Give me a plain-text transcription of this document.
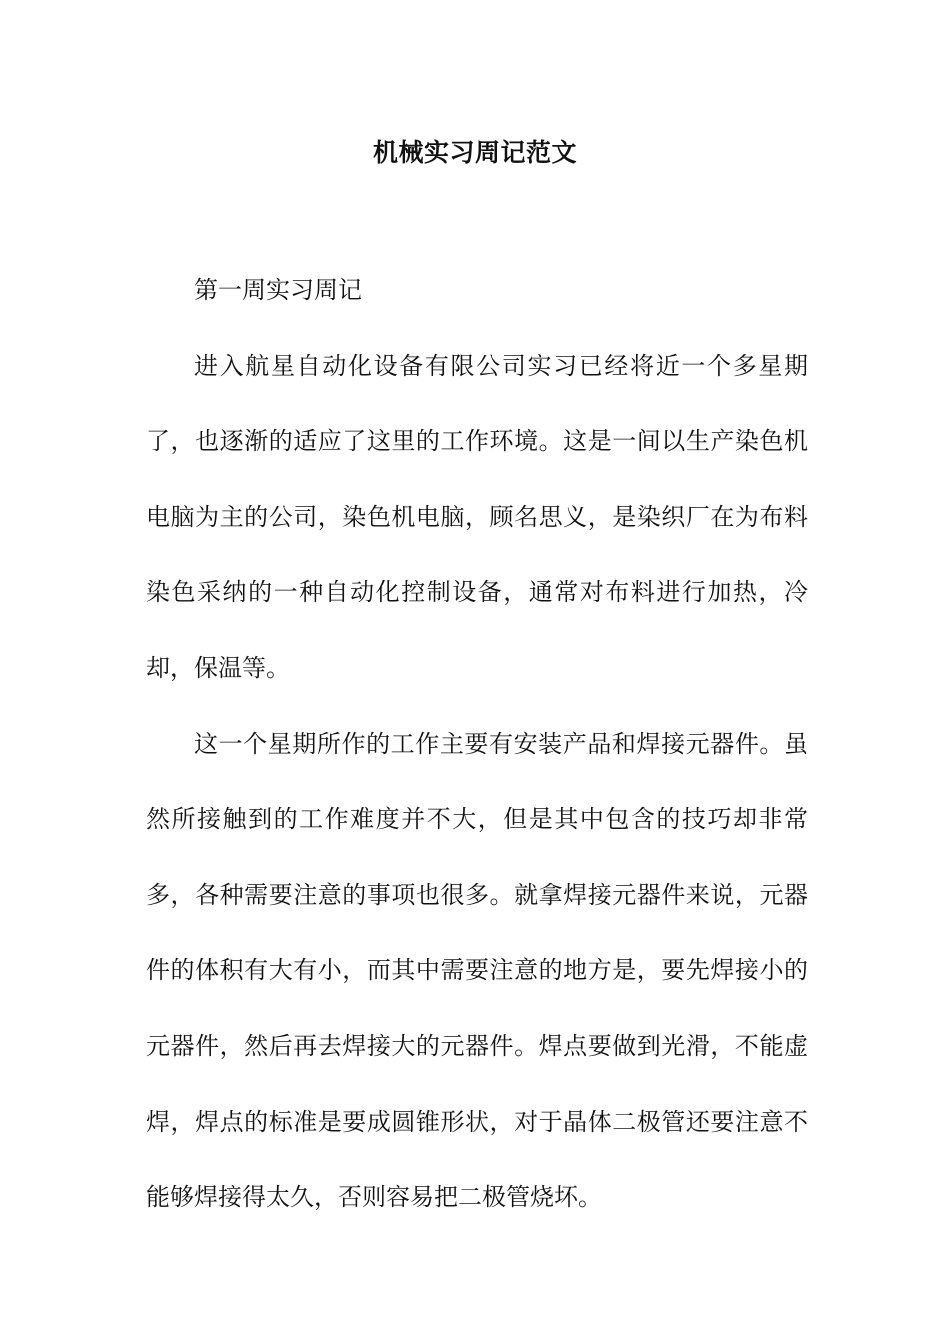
机械实习周记范文

第一周实习周记

进入航星自动化设备有限公司实习已经将近一个多星期了，也逐渐的适应了这里的工作环境。这是一间以生产染色机电脑为主的公司，染色机电脑，顾名思义，是染织厂在为布料染色采纳的一种自动化控制设备，通常对布料进行加热，冷却，保温等。

这一个星期所作的工作主要有安装产品和焊接元器件。虽然所接触到的工作难度并不大，但是其中包含的技巧却非常多，各种需要注意的事项也很多。就拿焊接元器件来说，元器件的体积有大有小，而其中需要注意的地方是，要先焊接小的元器件，然后再去焊接大的元器件。焊点要做到光滑，不能虚焊，焊点的标准是要成圆锥形状，对于晶体二极管还要注意不能够焊接得太久，否则容易把二极管烧坏。
